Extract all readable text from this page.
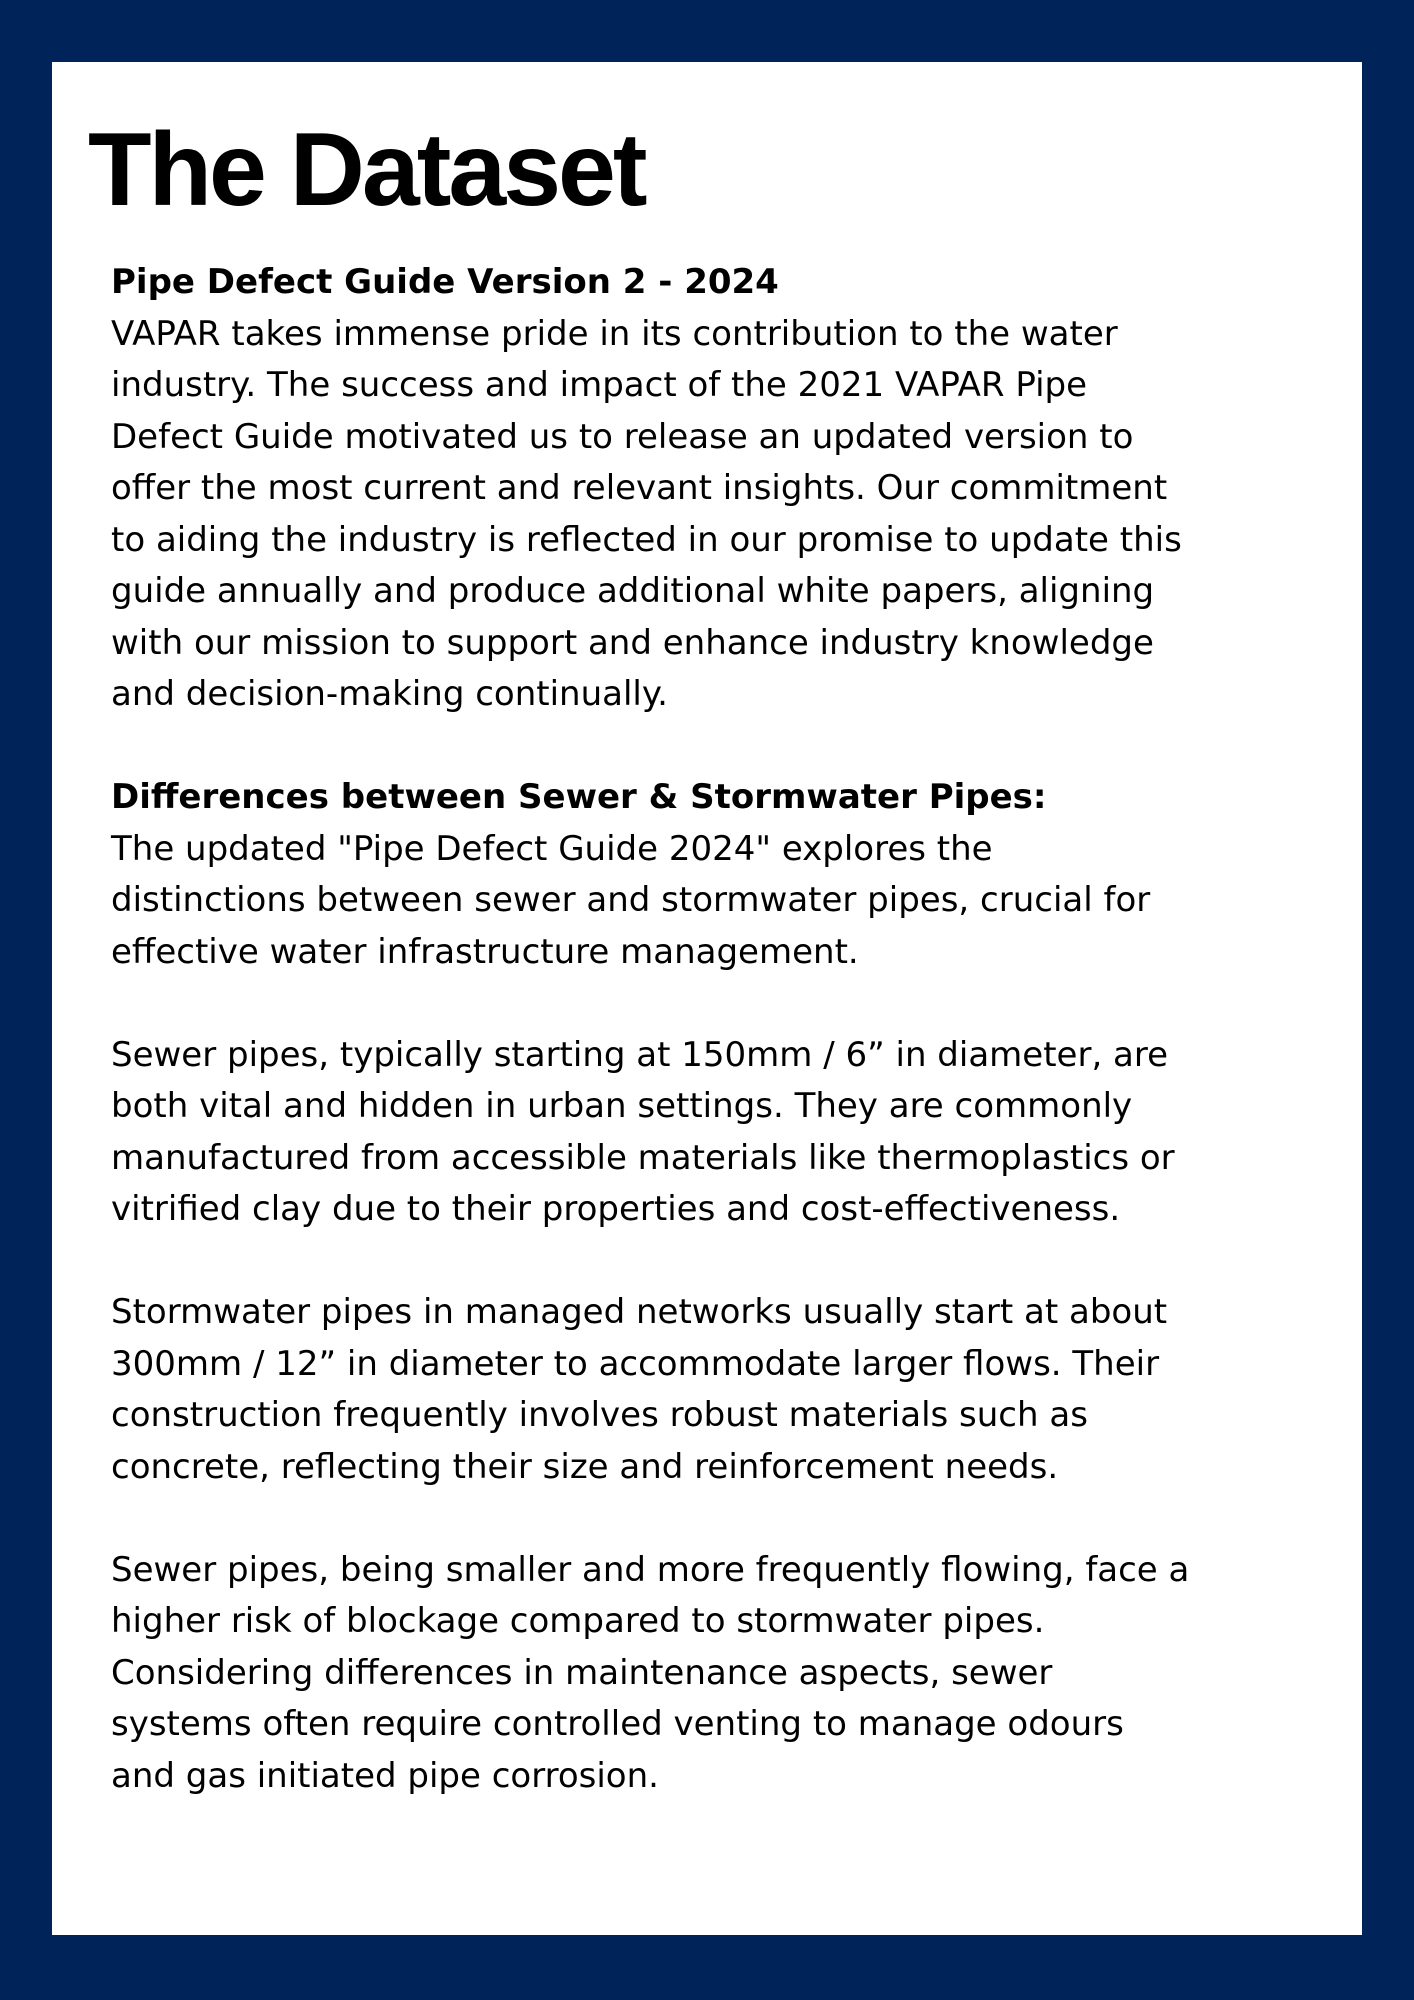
The Dataset
Pipe Defect Guide Version 2 - 2024
VAPAR takes immense pride in its contribution to the water
industry. The success and impact of the 2021 VAPAR Pipe
Defect Guide motivated us to release an updated version to
offer the most current and relevant insights. Our commitment
to aiding the industry is reflected in our promise to update this
guide annually and produce additional white papers, aligning
with our mission to support and enhance industry knowledge
and decision-making continually.
Differences between Sewer & Stormwater Pipes:
The updated "Pipe Defect Guide 2024" explores the
distinctions between sewer and stormwater pipes, crucial for
effective water infrastructure management.
Sewer pipes, typically starting at 150mm / 6” in diameter, are
both vital and hidden in urban settings. They are commonly
manufactured from accessible materials like thermoplastics or
vitrified clay due to their properties and cost-effectiveness.
Stormwater pipes in managed networks usually start at about
300mm / 12” in diameter to accommodate larger flows. Their
construction frequently involves robust materials such as
concrete, reflecting their size and reinforcement needs.
Sewer pipes, being smaller and more frequently flowing, face a
higher risk of blockage compared to stormwater pipes.
Considering differences in maintenance aspects, sewer
systems often require controlled venting to manage odours
and gas initiated pipe corrosion.
